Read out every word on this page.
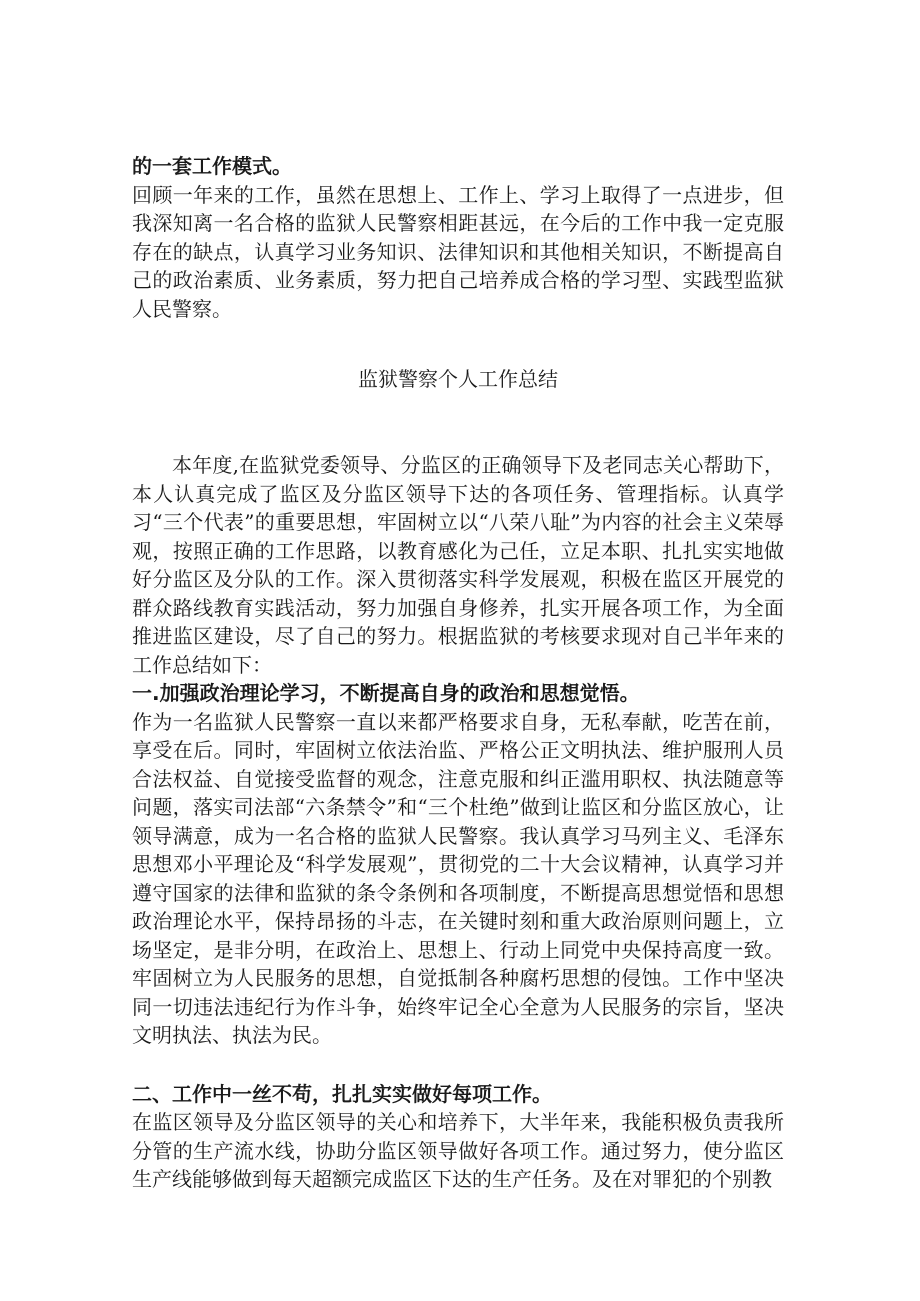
的一套工作模式。

回顾一年来的工作，虽然在思想上、工作上、学习上取得了一点进步，但我深知离一名合格的监狱人民警察相距甚远，在今后的工作中我一定克服存在的缺点，认真学习业务知识、法律知识和其他相关知识，不断提高自己的政治素质、业务素质，努力把自己培养成合格的学习型、实践型监狱人民警察。

监狱警察个人工作总结

本年度,在监狱党委领导、分监区的正确领导下及老同志关心帮助下，本人认真完成了监区及分监区领导下达的各项任务、管理指标。认真学习“三个代表”的重要思想，牢固树立以“八荣八耻”为内容的社会主义荣辱观，按照正确的工作思路，以教育感化为己任，立足本职、扎扎实实地做好分监区及分队的工作。深入贯彻落实科学发展观，积极在监区开展党的群众路线教育实践活动，努力加强自身修养，扎实开展各项工作，为全面推进监区建设，尽了自己的努力。根据监狱的考核要求现对自己半年来的工作总结如下：

一.加强政治理论学习，不断提高自身的政治和思想觉悟。

作为一名监狱人民警察一直以来都严格要求自身，无私奉献，吃苦在前，享受在后。同时，牢固树立依法治监、严格公正文明执法、维护服刑人员合法权益、自觉接受监督的观念，注意克服和纠正滥用职权、执法随意等问题，落实司法部“六条禁令”和“三个杜绝”做到让监区和分监区放心，让领导满意，成为一名合格的监狱人民警察。我认真学习马列主义、毛泽东思想邓小平理论及“科学发展观”，贯彻党的二十大会议精神，认真学习并遵守国家的法律和监狱的条令条例和各项制度，不断提高思想觉悟和思想政治理论水平，保持昂扬的斗志，在关键时刻和重大政治原则问题上，立场坚定，是非分明，在政治上、思想上、行动上同党中央保持高度一致。牢固树立为人民服务的思想，自觉抵制各种腐朽思想的侵蚀。工作中坚决同一切违法违纪行为作斗争，始终牢记全心全意为人民服务的宗旨，坚决文明执法、执法为民。

二、工作中一丝不苟，扎扎实实做好每项工作。

在监区领导及分监区领导的关心和培养下，大半年来，我能积极负责我所分管的生产流水线，协助分监区领导做好各项工作。通过努力，使分监区生产线能够做到每天超额完成监区下达的生产任务。及在对罪犯的个别教
